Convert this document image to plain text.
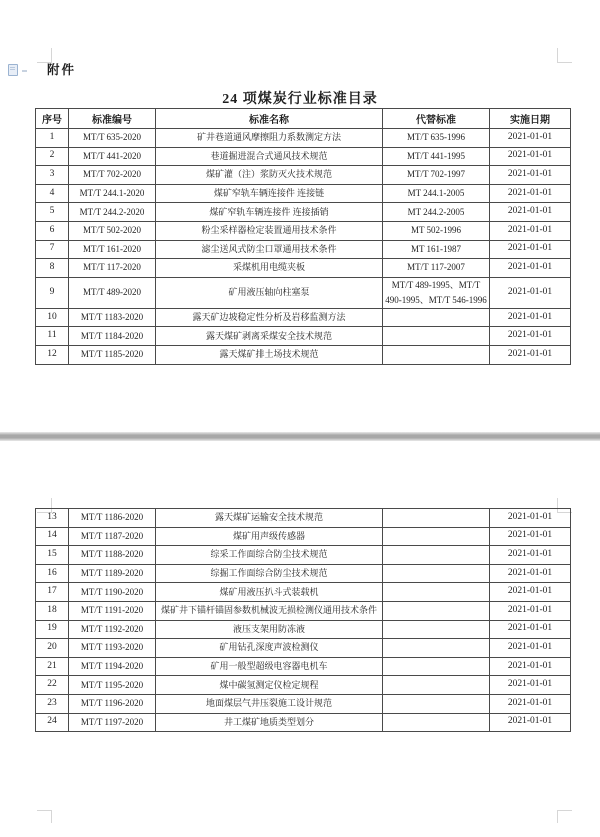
附件
24 项煤炭行业标准目录
序号	标准编号	标准名称	代替标准	实施日期
1	MT/T 635-2020	矿井巷道通风摩擦阻力系数测定方法	MT/T 635-1996	2021-01-01
2	MT/T 441-2020	巷道掘进混合式通风技术规范	MT/T 441-1995	2021-01-01
3	MT/T 702-2020	煤矿灌（注）浆防灭火技术规范	MT/T 702-1997	2021-01-01
4	MT/T 244.1-2020	煤矿窄轨车辆连接件 连接链	MT 244.1-2005	2021-01-01
5	MT/T 244.2-2020	煤矿窄轨车辆连接件 连接插销	MT 244.2-2005	2021-01-01
6	MT/T 502-2020	粉尘采样器检定装置通用技术条件	MT 502-1996	2021-01-01
7	MT/T 161-2020	滤尘送风式防尘口罩通用技术条件	MT 161-1987	2021-01-01
8	MT/T 117-2020	采煤机用电缆夹板	MT/T 117-2007	2021-01-01
9	MT/T 489-2020	矿用液压轴向柱塞泵	MT/T 489-1995、MT/T 490-1995、MT/T 546-1996	2021-01-01
10	MT/T 1183-2020	露天矿边坡稳定性分析及岩移监测方法		2021-01-01
11	MT/T 1184-2020	露天煤矿剥离采煤安全技术规范		2021-01-01
12	MT/T 1185-2020	露天煤矿排土场技术规范		2021-01-01
13	MT/T 1186-2020	露天煤矿运输安全技术规范		2021-01-01
14	MT/T 1187-2020	煤矿用声级传感器		2021-01-01
15	MT/T 1188-2020	综采工作面综合防尘技术规范		2021-01-01
16	MT/T 1189-2020	综掘工作面综合防尘技术规范		2021-01-01
17	MT/T 1190-2020	煤矿用液压扒斗式装载机		2021-01-01
18	MT/T 1191-2020	煤矿井下锚杆锚固参数机械波无损检测仪通用技术条件		2021-01-01
19	MT/T 1192-2020	液压支架用防冻液		2021-01-01
20	MT/T 1193-2020	矿用钻孔深度声波检测仪		2021-01-01
21	MT/T 1194-2020	矿用一般型超级电容器电机车		2021-01-01
22	MT/T 1195-2020	煤中碳氢测定仪检定规程		2021-01-01
23	MT/T 1196-2020	地面煤层气井压裂施工设计规范		2021-01-01
24	MT/T 1197-2020	井工煤矿地质类型划分		2021-01-01
